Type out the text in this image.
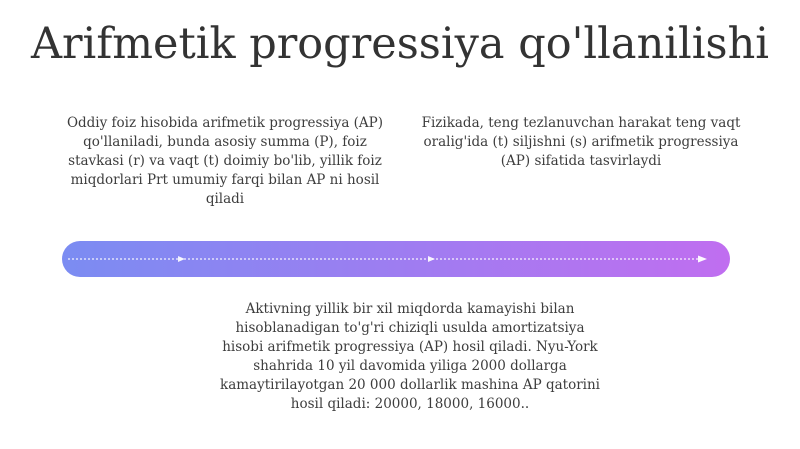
Arifmetik progressiya qo'llanilishi
Oddiy foiz hisobida arifmetik progressiya (AP) qo'llaniladi, bunda asosiy summa (P), foiz stavkasi (r) va vaqt (t) doimiy bo'lib, yillik foiz miqdorlari Prt umumiy farqi bilan AP ni hosil qiladi
Fizikada, teng tezlanuvchan harakat teng vaqt oralig'ida (t) siljishni (s) arifmetik progressiya (AP) sifatida tasvirlaydi
Aktivning yillik bir xil miqdorda kamayishi bilan hisoblanadigan to'g'ri chiziqli usulda amortizatsiya hisobi arifmetik progressiya (AP) hosil qiladi. Nyu-York shahrida 10 yil davomida yiliga 2000 dollarga kamaytirilayotgan 20 000 dollarlik mashina AP qatorini hosil qiladi: 20000, 18000, 16000..
